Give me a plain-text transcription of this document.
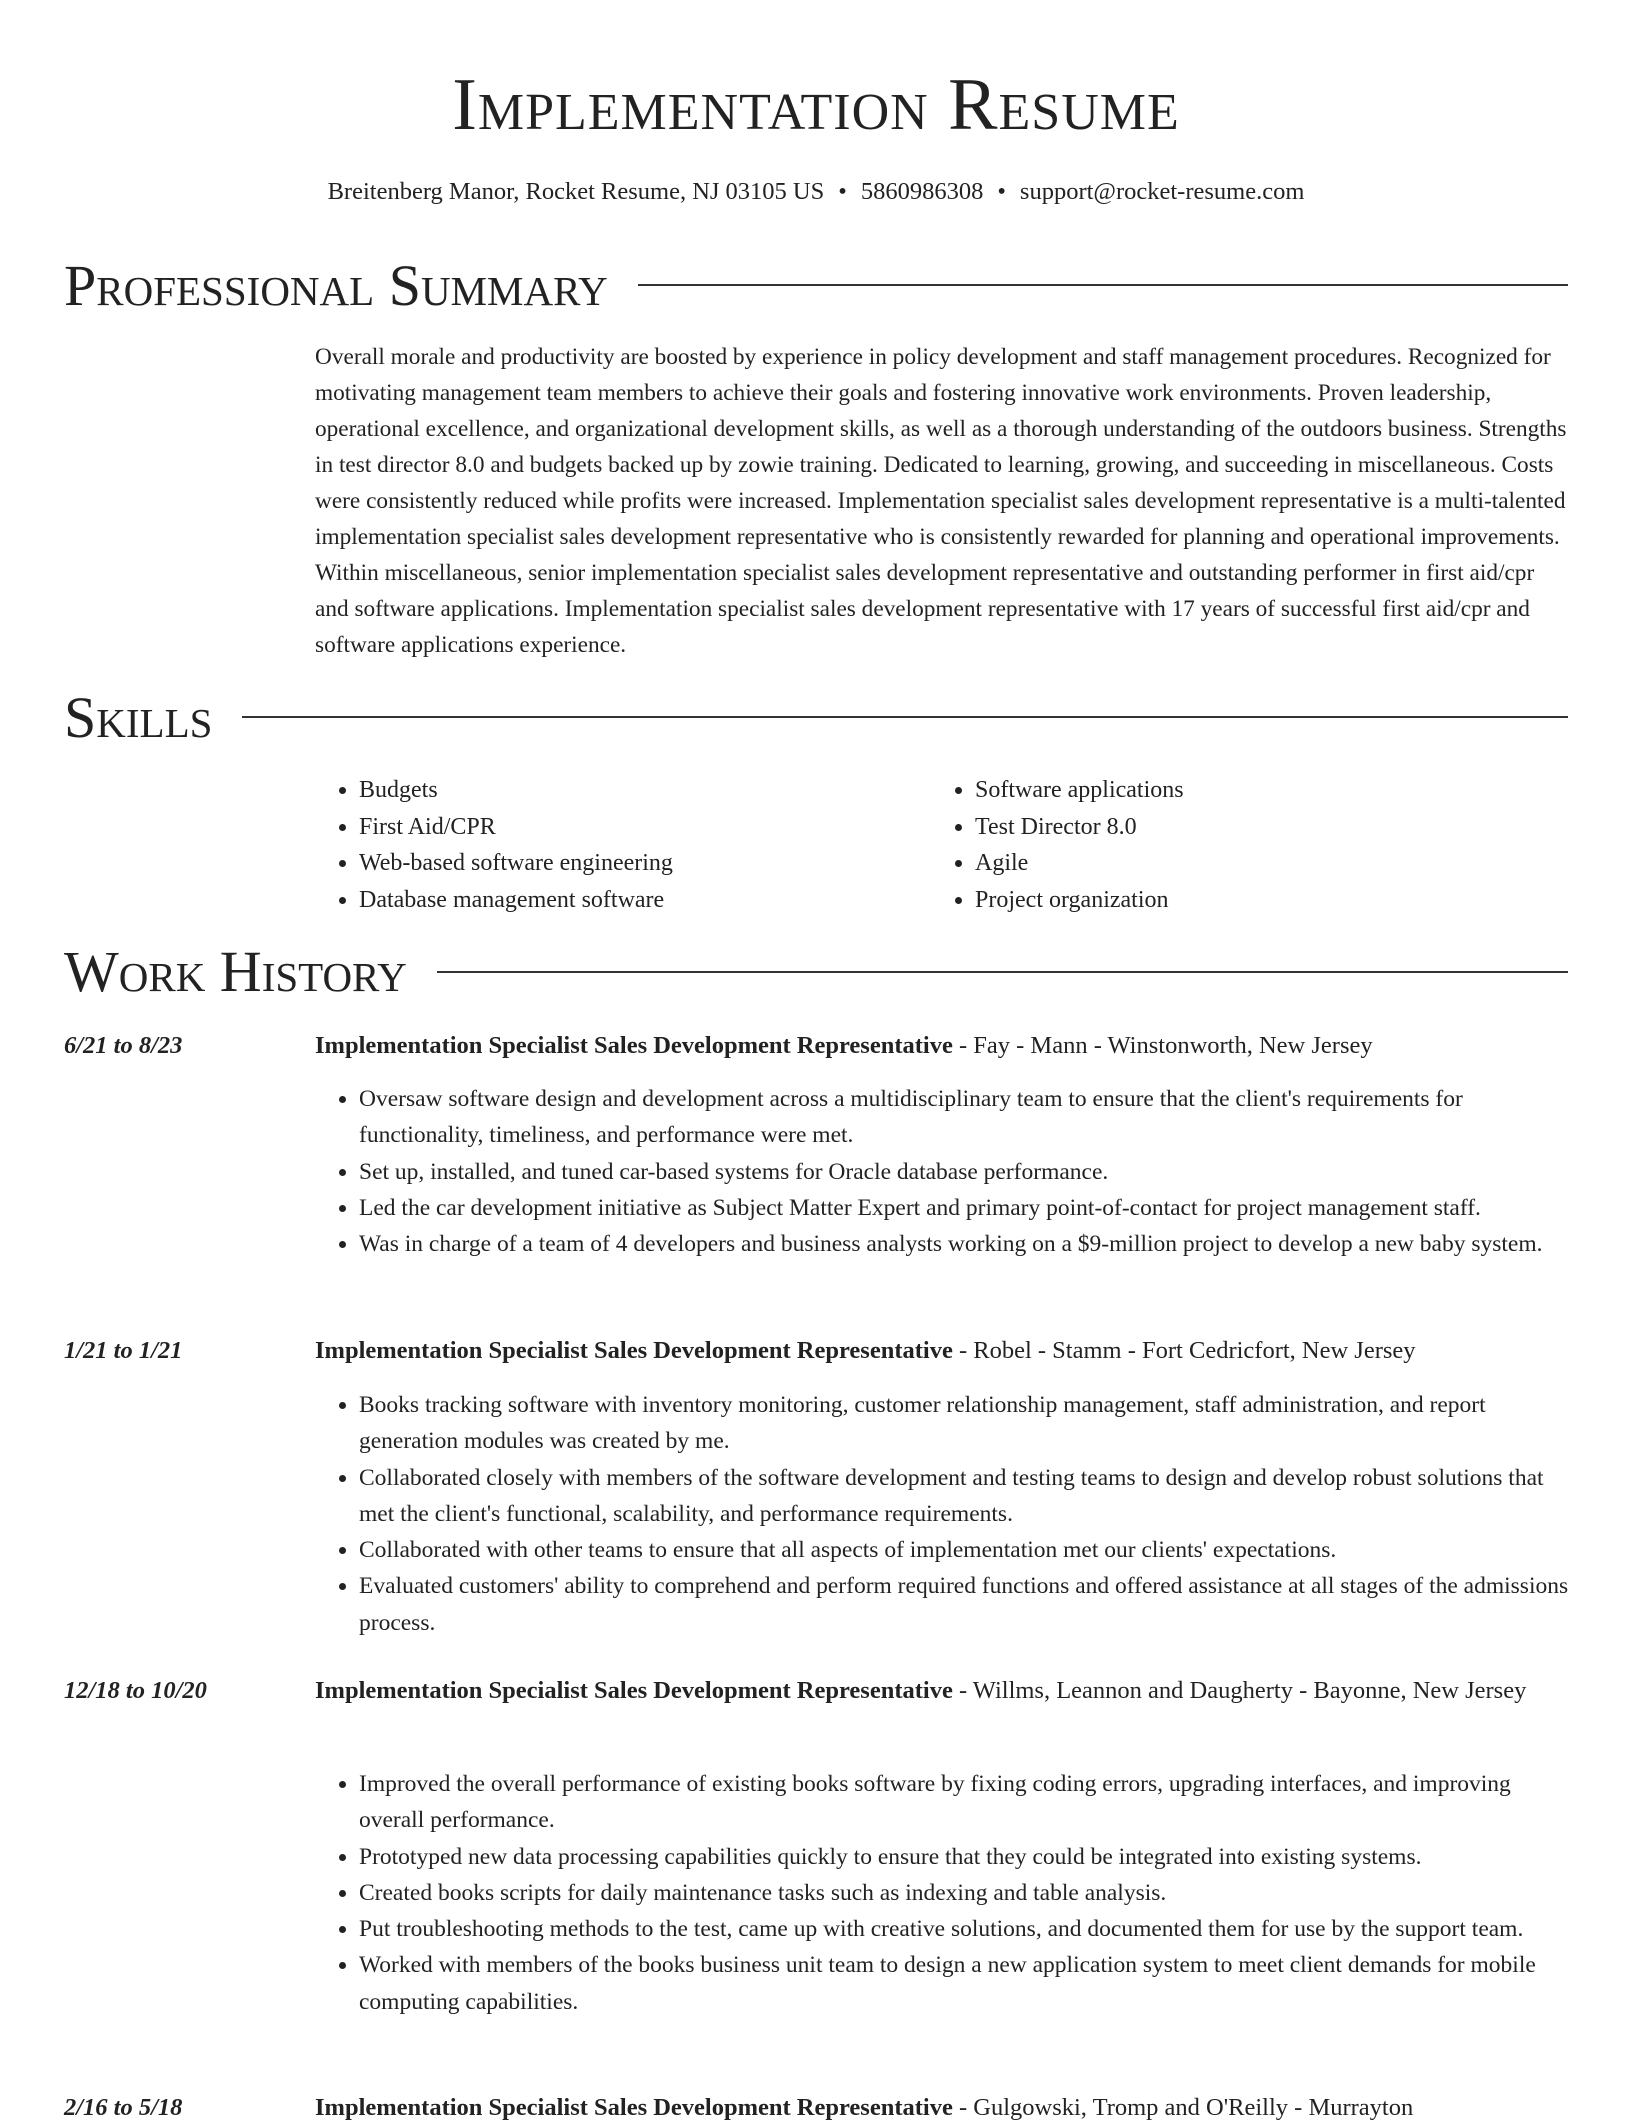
Implementation Resume
Breitenberg Manor, Rocket Resume, NJ 03105 US • 5860986308 • support@rocket-resume.com
Professional Summary

Overall morale and productivity are boosted by experience in policy development and staff management procedures. Recognized for motivating management team members to achieve their goals and fostering innovative work environments. Proven leadership, operational excellence, and organizational development skills, as well as a thorough understanding of the outdoors business. Strengths in test director 8.0 and budgets backed up by zowie training. Dedicated to learning, growing, and succeeding in miscellaneous. Costs were consistently reduced while profits were increased. Implementation specialist sales development representative is a multi-talented implementation specialist sales development representative who is consistently rewarded for planning and operational improvements. Within miscellaneous, senior implementation specialist sales development representative and outstanding performer in first aid/cpr and software applications. Implementation specialist sales development representative with 17 years of successful first aid/cpr and software applications experience.

Skills
• Budgets
• First Aid/CPR
• Web-based software engineering
• Database management software
• Software applications
• Test Director 8.0
• Agile
• Project organization
Work History
6/21 to 8/23	Implementation Specialist Sales Development Representative - Fay - Mann - Winstonworth, New Jersey
• Oversaw software design and development across a multidisciplinary team to ensure that the client's requirements for functionality, timeliness, and performance were met.
• Set up, installed, and tuned car-based systems for Oracle database performance.
• Led the car development initiative as Subject Matter Expert and primary point-of-contact for project management staff.
• Was in charge of a team of 4 developers and business analysts working on a $9-million project to develop a new baby system.
1/21 to 1/21	Implementation Specialist Sales Development Representative - Robel - Stamm - Fort Cedricfort, New Jersey
• Books tracking software with inventory monitoring, customer relationship management, staff administration, and report generation modules was created by me.
• Collaborated closely with members of the software development and testing teams to design and develop robust solutions that met the client's functional, scalability, and performance requirements.
• Collaborated with other teams to ensure that all aspects of implementation met our clients' expectations.
• Evaluated customers' ability to comprehend and perform required functions and offered assistance at all stages of the admissions process.
12/18 to 10/20	Implementation Specialist Sales Development Representative - Willms, Leannon and Daugherty - Bayonne, New Jersey
• Improved the overall performance of existing books software by fixing coding errors, upgrading interfaces, and improving overall performance.
• Prototyped new data processing capabilities quickly to ensure that they could be integrated into existing systems.
• Created books scripts for daily maintenance tasks such as indexing and table analysis.
• Put troubleshooting methods to the test, came up with creative solutions, and documented them for use by the support team.
• Worked with members of the books business unit team to design a new application system to meet client demands for mobile computing capabilities.
2/16 to 5/18	Implementation Specialist Sales Development Representative - Gulgowski, Tromp and O'Reilly - Murrayton
